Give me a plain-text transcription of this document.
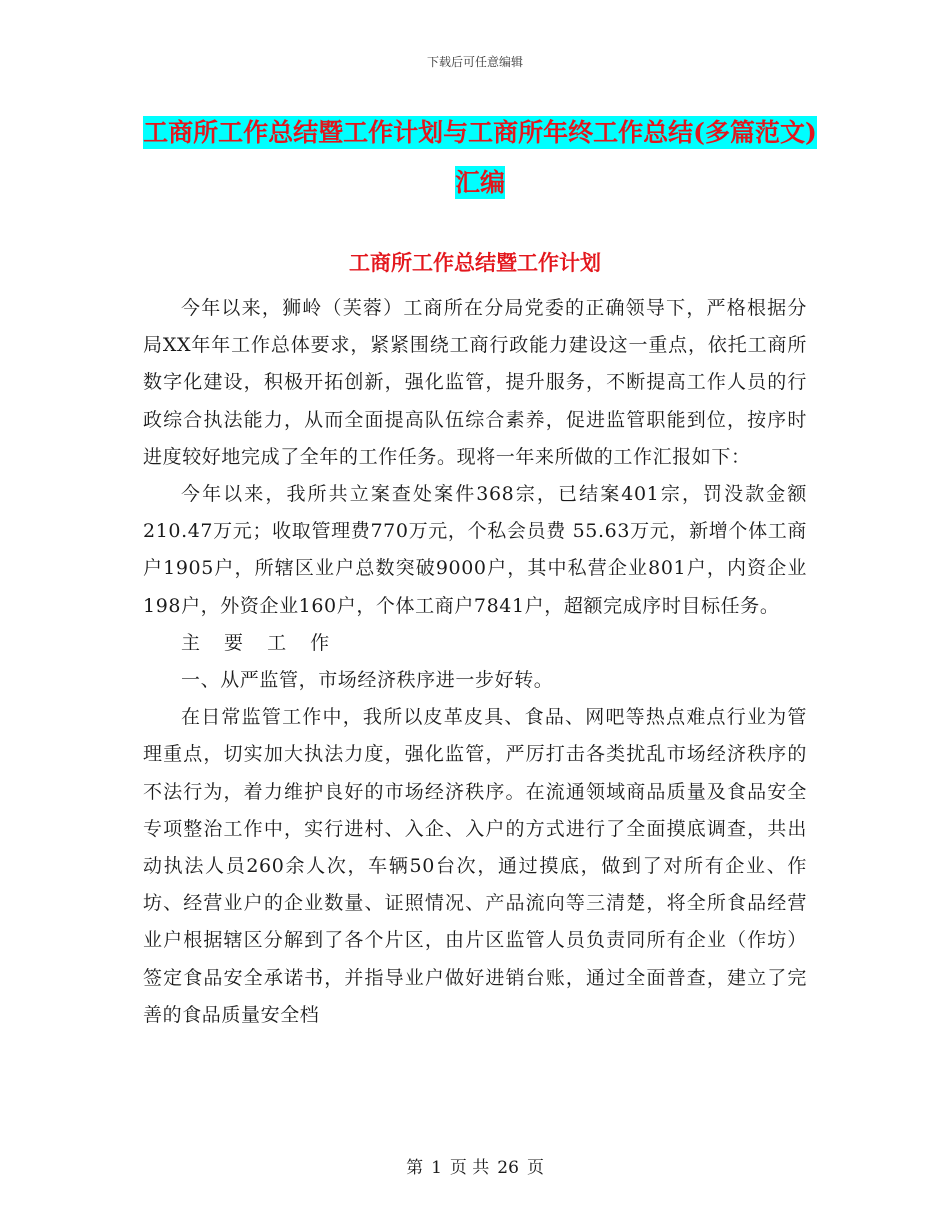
下载后可任意编辑
工商所工作总结暨工作计划与工商所年终工作总结(多篇范文)汇编
工商所工作总结暨工作计划

今年以来，狮岭（芙蓉）工商所在分局党委的正确领导下，严格根据分局XX年年工作总体要求，紧紧围绕工商行政能力建设这一重点，依托工商所数字化建设，积极开拓创新，强化监管，提升服务，不断提高工作人员的行政综合执法能力，从而全面提高队伍综合素养，促进监管职能到位，按序时进度较好地完成了全年的工作任务。现将一年来所做的工作汇报如下：

今年以来，我所共立案查处案件368宗，已结案401宗，罚没款金额210.47万元；收取管理费770万元，个私会员费 55.63万元，新增个体工商户1905户，所辖区业户总数突破9000户，其中私营企业801户，内资企业198户，外资企业160户，个体工商户7841户，超额完成序时目标任务。

主 要 工 作

一、从严监管，市场经济秩序进一步好转。

在日常监管工作中，我所以皮革皮具、食品、网吧等热点难点行业为管理重点，切实加大执法力度，强化监管，严厉打击各类扰乱市场经济秩序的不法行为，着力维护良好的市场经济秩序。在流通领域商品质量及食品安全专项整治工作中，实行进村、入企、入户的方式进行了全面摸底调查，共出动执法人员260余人次，车辆50台次，通过摸底，做到了对所有企业、作坊、经营业户的企业数量、证照情况、产品流向等三清楚，将全所食品经营业户根据辖区分解到了各个片区，由片区监管人员负责同所有企业（作坊）签定食品安全承诺书，并指导业户做好进销台账，通过全面普查，建立了完善的食品质量安全档

第 1 页 共 26 页
